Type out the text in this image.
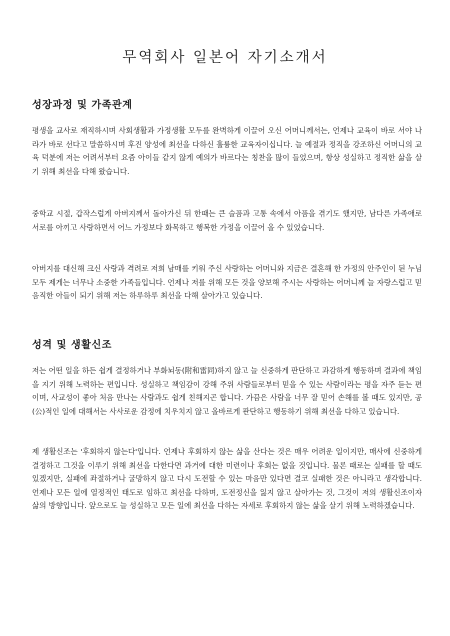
무역회사 일본어 자기소개서
성장과정 및 가족관계

평생을 교사로 재직하시며 사회생활과 가정생활 모두를 완벽하게 이끌어 오신 어머니께서는, 언제나 교육이 바로 서야 나라가 바로 선다고 말씀하시며 후진 양성에 최선을 다하신 훌륭한 교육자이십니다. 늘 예절과 정직을 강조하신 어머니의 교육 덕분에 저는 어려서부터 요즘 아이들 같지 않게 예의가 바르다는 칭찬을 많이 들었으며, 항상 성실하고 정직한 삶을 살기 위해 최선을 다해 왔습니다.

중학교 시절, 갑작스럽게 아버지께서 돌아가신 뒤 한때는 큰 슬픔과 고통 속에서 아픔을 겪기도 했지만, 남다른 가족애로 서로를 아끼고 사랑하면서 어느 가정보다 화목하고 행복한 가정을 이끌어 올 수 있었습니다.

아버지를 대신해 크신 사랑과 격려로 저희 남매를 키워 주신 사랑하는 어머니와 지금은 결혼해 한 가정의 안주인이 된 누님 모두 제게는 너무나 소중한 가족들입니다. 언제나 저를 위해 모든 것을 양보해 주시는 사랑하는 어머니께 늘 자랑스럽고 믿음직한 아들이 되기 위해 저는 하루하루 최선을 다해 살아가고 있습니다.

성격 및 생활신조

저는 어떤 일을 하든 쉽게 결정하거나 부화뇌동(附和雷同)하지 않고 늘 신중하게 판단하고 과감하게 행동하며 결과에 책임을 지기 위해 노력하는 편입니다. 성실하고 책임감이 강해 주위 사람들로부터 믿을 수 있는 사람이라는 평을 자주 듣는 편이며, 사교성이 좋아 처음 만나는 사람과도 쉽게 친해지곤 합니다. 가끔은 사람을 너무 잘 믿어 손해를 볼 때도 있지만, 공(公)적인 일에 대해서는 사사로운 감정에 치우치지 않고 올바르게 판단하고 행동하기 위해 최선을 다하고 있습니다.

제 생활신조는 '후회하지 않는다'입니다. 언제나 후회하지 않는 삶을 산다는 것은 매우 어려운 일이지만, 매사에 신중하게 결정하고 그것을 이루기 위해 최선을 다한다면 과거에 대한 미련이나 후회는 없을 것입니다. 물론 때로는 실패를 할 때도 있겠지만, 실패에 좌절하거나 굴망하지 않고 다시 도전할 수 있는 마음만 있다면 결코 실패한 것은 아니라고 생각합니다. 언제나 모든 일에 열정적인 태도로 임하고 최선을 다하며, 도전정신을 잃지 않고 살아가는 것, 그것이 저의 생활신조이자 삶의 방향입니다. 앞으로도 늘 성실하고 모든 일에 최선을 다하는 자세로 후회하지 않는 삶을 살기 위해 노력하겠습니다.
